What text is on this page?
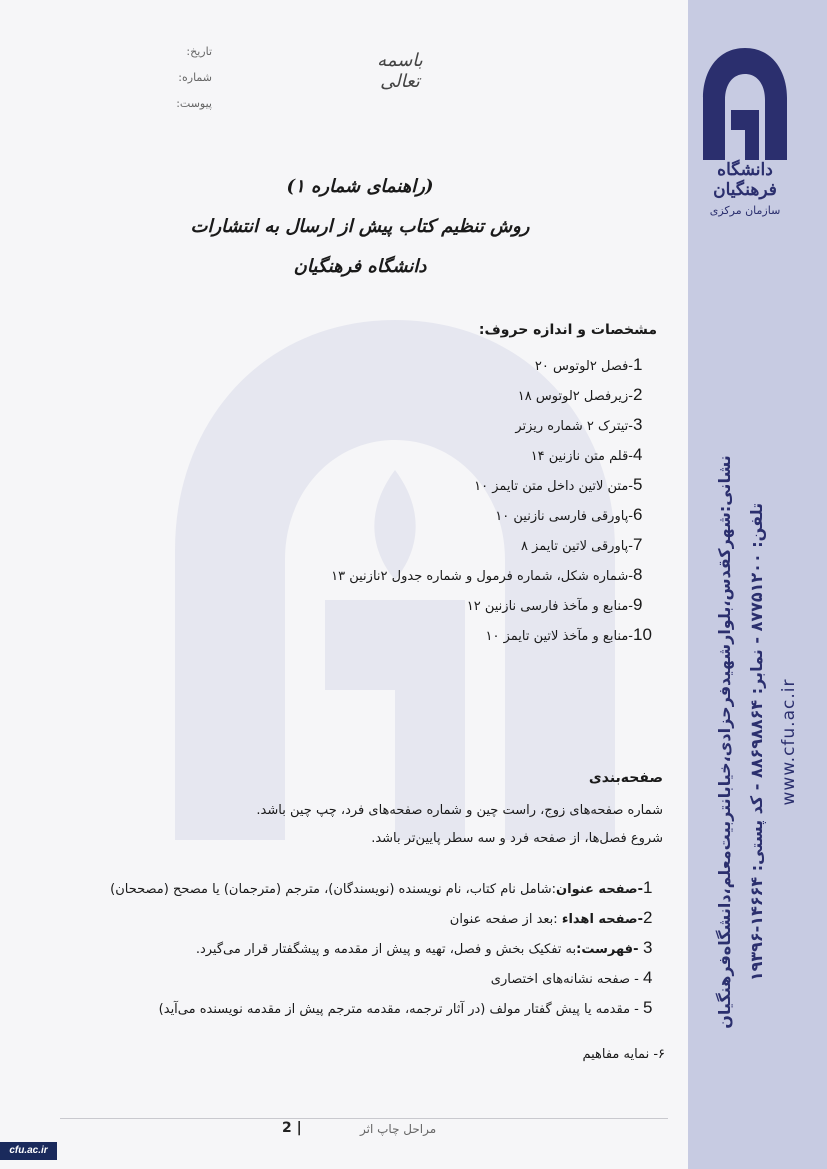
نشانی:شهرکقدس،بلوارشهیدفرحزادی،خیابانتربیت‌معلم،دانشگاه‌فرهنگیان تلفن: ۸۷۷۵۱۲۰۰ - نمابر: ۸۸۶۹۸۸۶۴ - کد پستی: ۱۴۶۶۴-۱۹۳۹۶
www.cfu.ac.ir
دانشگاه فرهنگیان
سازمان مرکزی
تاریخ:
شماره:
پیوست:
باسمه تعالی
(راهنمای شماره ۱)
روش تنظیم کتاب پیش از ارسال به انتشارات
دانشگاه فرهنگیان
مشخصات و اندازه حروف:
1-فصل ۲لوتوس ۲۰
2-زیرفصل ۲لوتوس ۱۸
3-تیترک ۲ شماره ریزتر
4-قلم متن نازنین ۱۴
5-متن لاتین داخل متن تایمز ۱۰
6-پاورقی فارسی نازنین ۱۰
7-پاورقی لاتین تایمز ۸
8-شماره شکل، شماره فرمول و شماره جدول ۲نازنین ۱۳
9-منابع و مآخذ فارسی نازنین ۱۲
10-منابع و مآخذ لاتین تایمز ۱۰
صفحه‌بندی
شماره صفحه‌های زوج، راست چین و شماره صفحه‌های فرد، چپ چین باشد.
شروع فصل‌ها، از صفحه فرد و سه سطر پایین‌تر باشد.
1-صفحه عنوان:شامل نام کتاب، نام نویسنده (نویسندگان)، مترجم (مترجمان) یا مصحح (مصححان)
2-صفحه اهداء :بعد از صفحه عنوان
3 -فهرست:به تفکیک بخش و فصل، تهیه و پیش از مقدمه و پیشگفتار قرار می‌گیرد.
4 - صفحه نشانه‌های اختصاری
5 - مقدمه یا پیش گفتار مولف (در آثار ترجمه، مقدمه مترجم پیش از مقدمه نویسنده می‌آید)
۶- نمایه مفاهیم
مراحل چاپ اثر
2 |
cfu.ac.ir
